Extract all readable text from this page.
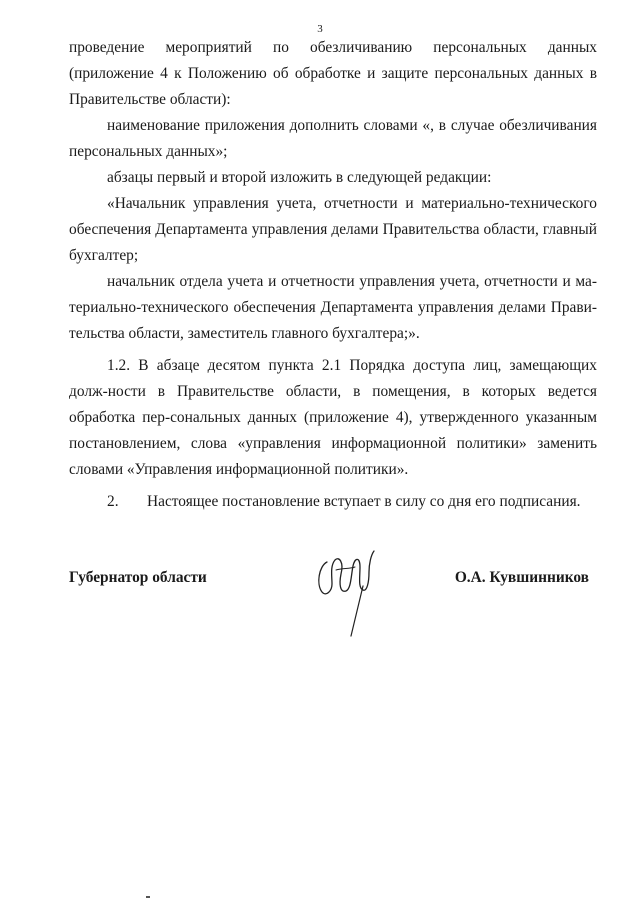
3

проведение мероприятий по обезличиванию персональных данных (приложение 4 к Положению об обработке и защите персональных данных в Правительстве области):

наименование приложения дополнить словами «, в случае обезличивания персональных данных»;

абзацы первый и второй изложить в следующей редакции:

«Начальник управления учета, отчетности и материально-технического обеспечения Департамента управления делами Правительства области, главный бухгалтер;

начальник отдела учета и отчетности управления учета, отчетности и ма-териально-технического обеспечения Департамента управления делами Прави-тельства области, заместитель главного бухгалтера;».

1.2. В абзаце десятом пункта 2.1 Порядка доступа лиц, замещающих долж-ности в Правительстве области, в помещения, в которых ведется обработка пер-сональных данных (приложение 4), утвержденного указанным постановлением, слова «управления информационной политики» заменить словами «Управления информационной политики».

2. Настоящее постановление вступает в силу со дня его подписания.

Губернатор области	О.А. Кувшинников
